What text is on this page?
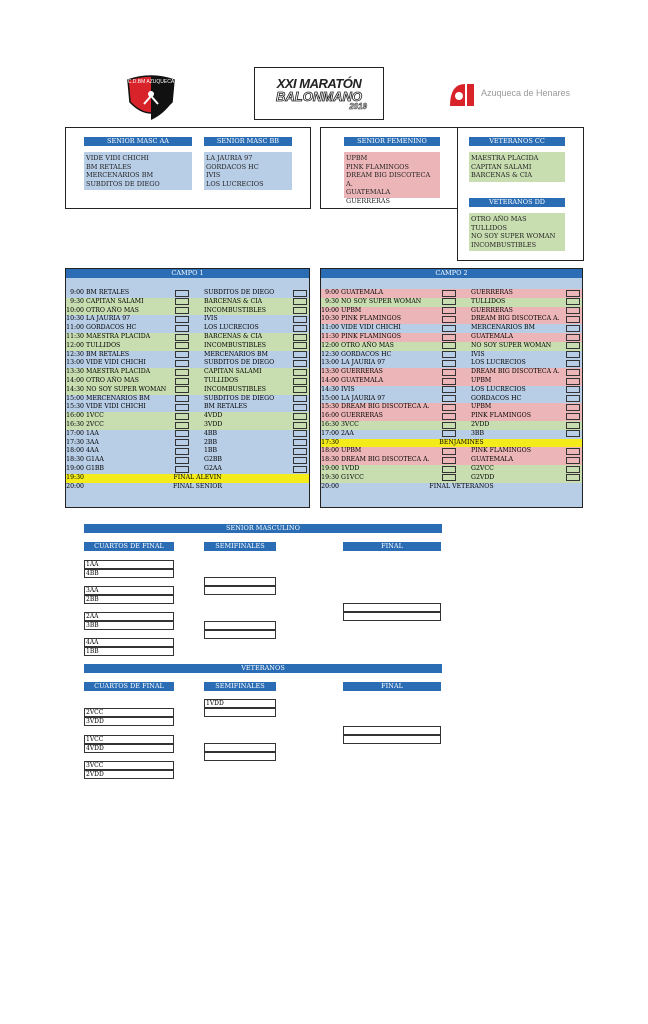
C.D.BM AZUQUECA	XXI MARATÓN
BALONMANO
2019
Azuqueca de Henares
SENIOR MASC AA	SENIOR MASC BB	SENIOR FEMENINO	VETERANOS CC
VETERANOS DD
VIDE VIDI CHICHI
BM RETALES
MERCENARIOS BM
SUBDITOS DE DIEGO
LA JAURIA 97
GORDACOS HC
IVIS
LOS LUCRECIOS
UPBM
PINK FLAMINGOS
DREAM BIG DISCOTECA A.
GUATEMALA
GUERRERAS
MAESTRA PLACIDA
CAPITAN SALAMI
BARCENAS & CIA
OTRO AÑO MAS
TULLIDOS
NO SOY SUPER WOMAN
INCOMBUSTIBLES
CAMPO 1
9:00 BM RETALES	SUBDITOS DE DIEGO
9:30 CAPITAN SALAMI	BARCENAS & CIA
10:00 OTRO AÑO MAS	INCOMBUSTIBLES
10:30 LA JAURIA 97	IVIS
11:00 GORDACOS HC	LOS LUCRECIOS
11:30 MAESTRA PLACIDA	BARCENAS & CIA
12:00 TULLIDOS	INCOMBUSTIBLES
12:30 BM RETALES	MERCENARIOS BM
13:00 VIDE VIDI CHICHI	SUBDITOS DE DIEGO
13:30 MAESTRA PLACIDA	CAPITAN SALAMI
14:00 OTRO AÑO MAS	TULLIDOS
14:30 NO SOY SUPER WOMAN	INCOMBUSTIBLES
15:00 MERCENARIOS BM	SUBDITOS DE DIEGO
15:30 VIDE VIDI CHICHI	BM RETALES
16:00 1VCC	4VDD
16:30 2VCC	3VDD
17:00 1AA	4BB
17:30 3AA	2BB
18:00 4AA	1BB
18:30 G1AA	G2BB
19:00 G1BB	G2AA
19:30	FINAL ALEVIN
20:00	FINAL SENIOR
CAMPO 2
9:00 GUATEMALA	GUERRERAS
9:30 NO SOY SUPER WOMAN	TULLIDOS
10:00 UPBM	GUERRERAS
10:30 PINK FLAMINGOS	DREAM BIG DISCOTECA A.
11:00 VIDE VIDI CHICHI	MERCENARIOS BM
11:30 PINK FLAMINGOS	GUATEMALA
12:00 OTRO AÑO MAS	NO SOY SUPER WOMAN
12:30 GORDACOS HC	IVIS
13:00 LA JAURIA 97	LOS LUCRECIOS
13:30 GUERRERAS	DREAM BIG DISCOTECA A.
14:00 GUATEMALA	UPBM
14:30 IVIS	LOS LUCRECIOS
15:00 LA JAURIA 97	GORDACOS HC
15:30 DREAM BIG DISCOTECA A.	UPBM
16:00 GUERRERAS	PINK FLAMINGOS
16:30 3VCC	2VDD
17:00 2AA	3BB
17:30	BENJAMINES
18:00 UPBM	PINK FLAMINGOS
18:30 DREAM BIG DISCOTECA A.	GUATEMALA
19:00 1VDD	G2VCC
19:30 G1VCC	G2VDD
20:00	FINAL VETERANOS
SENIOR MASCULINO
CUARTOS DE FINAL	SEMIFINALES	FINAL
1AA
4BB
3AA
2BB
2AA
3BB
4AA
1BB
VETERANOS
CUARTOS DE FINAL	SEMIFINALES	FINAL
1VDD
2VCC
3VDD
1VCC
4VDD
3VCC
2VDD
